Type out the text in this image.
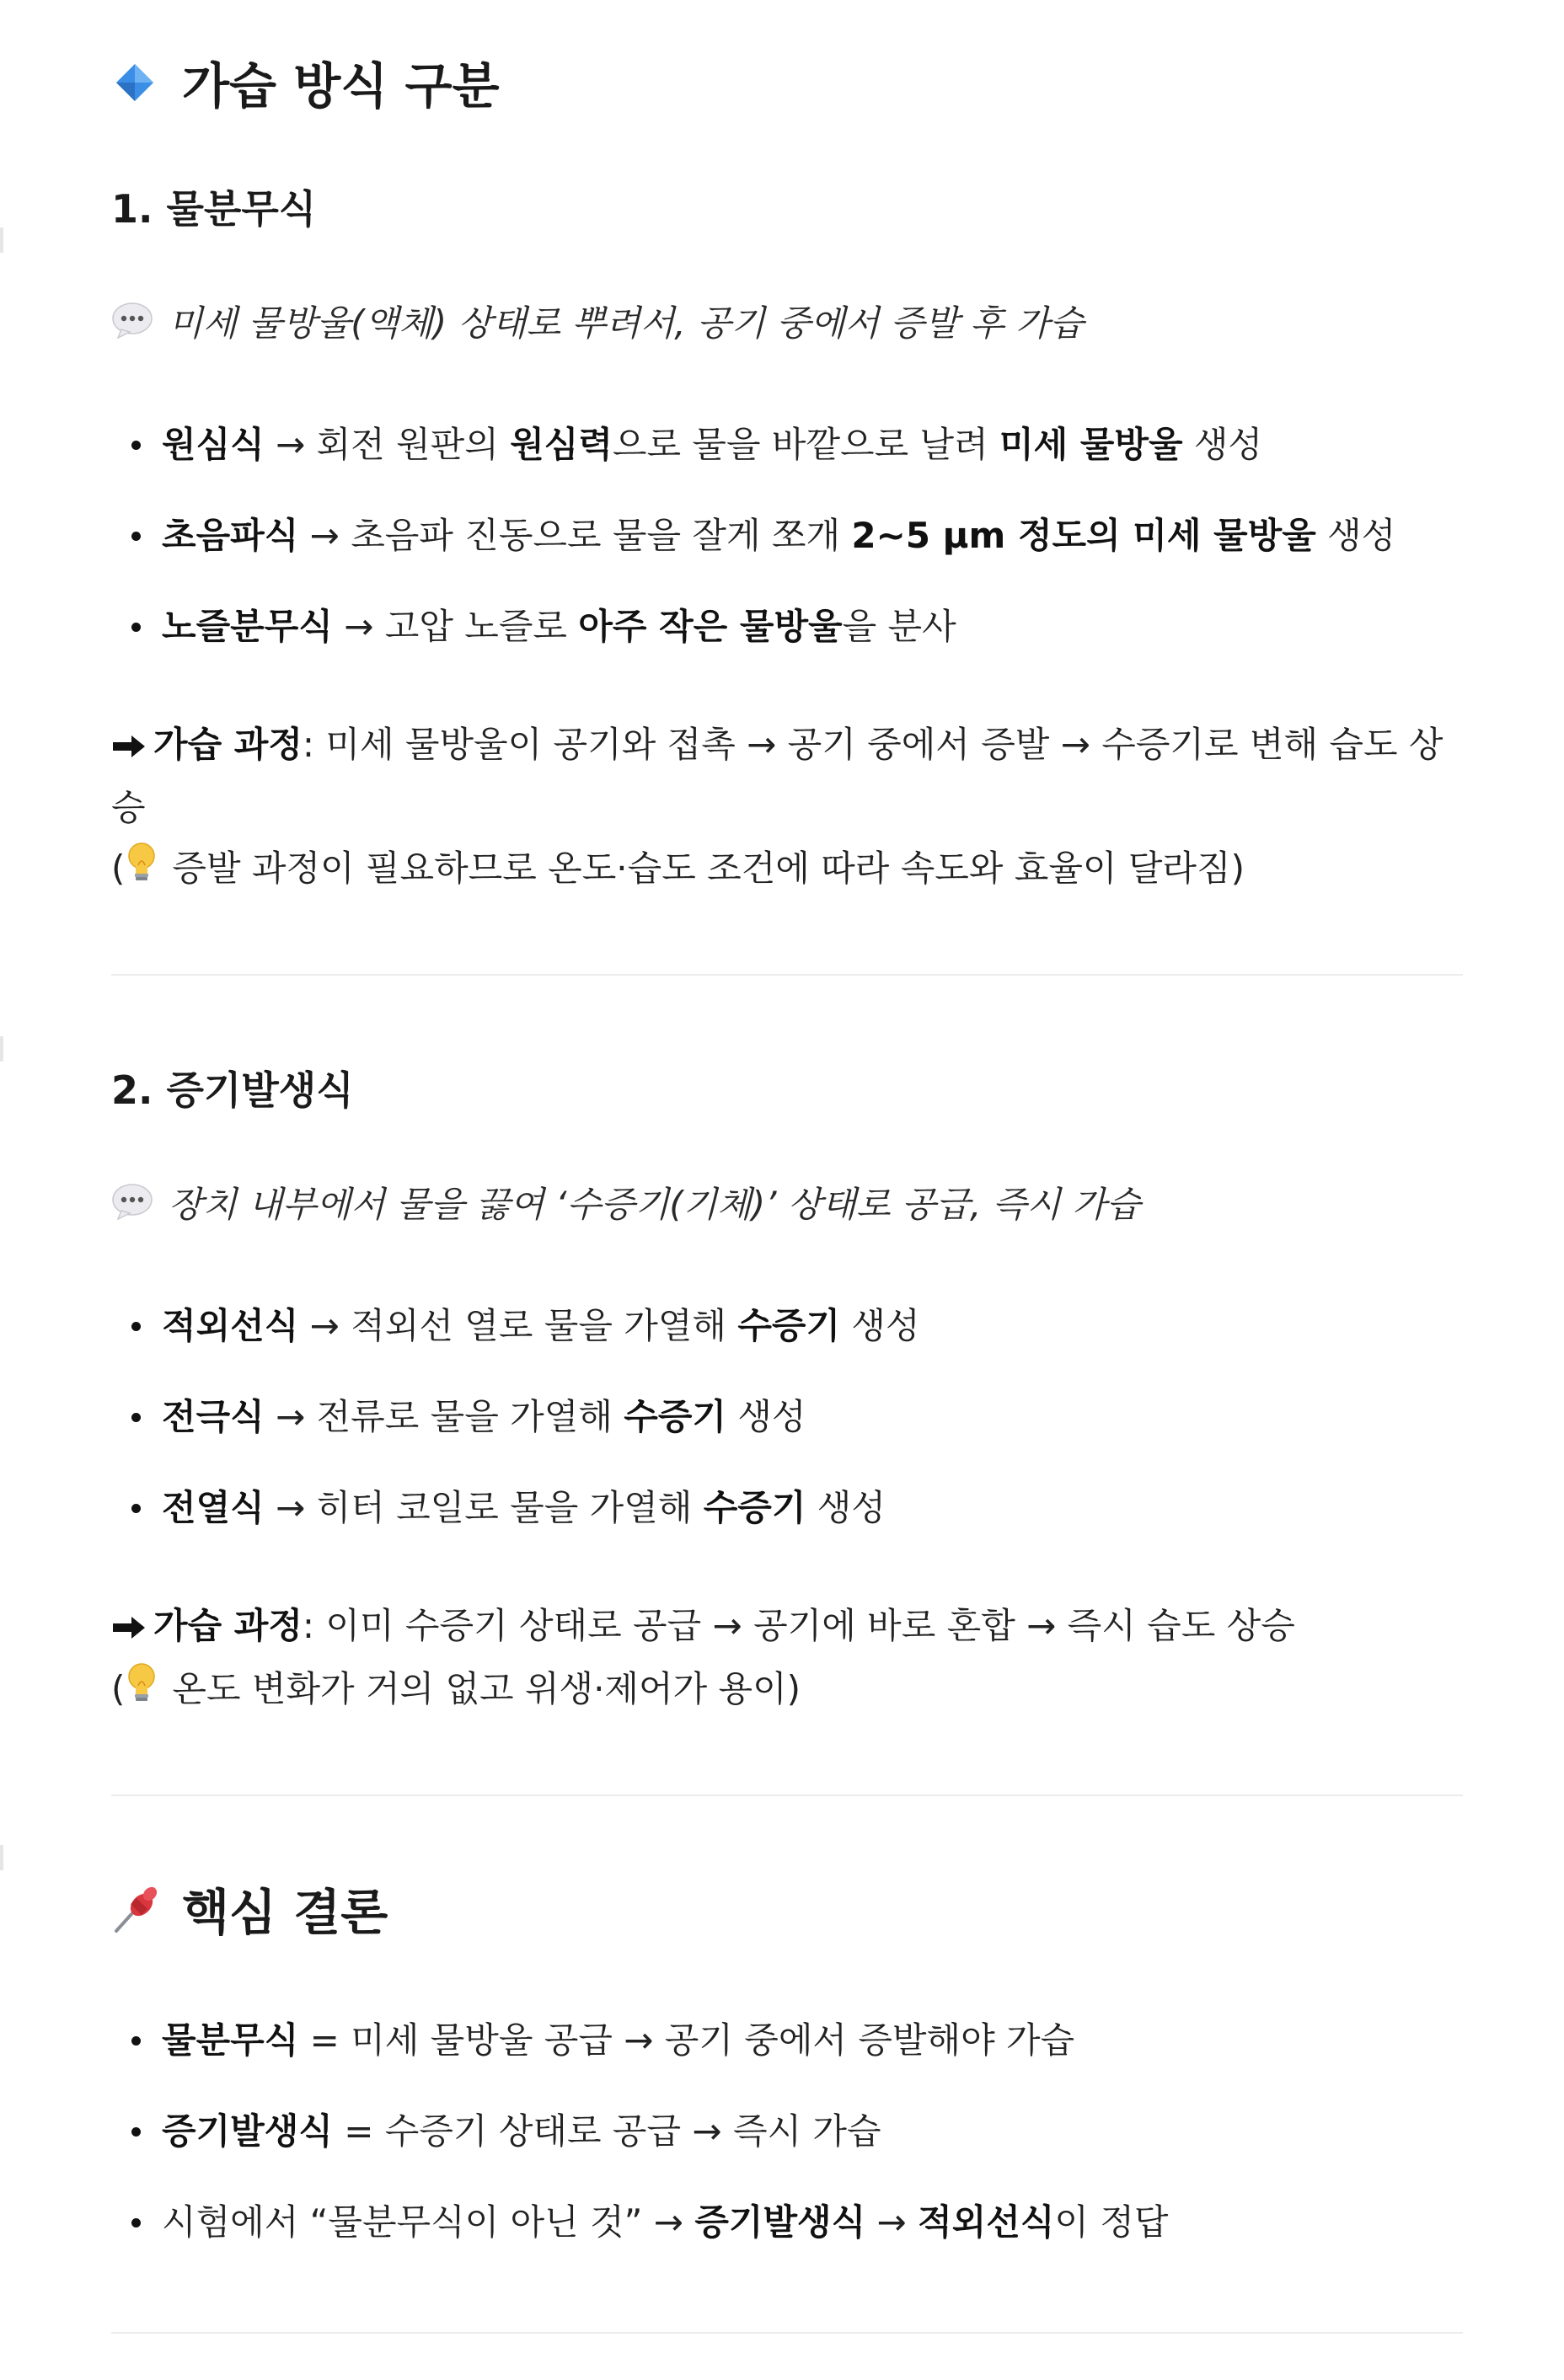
가습 방식 구분
1. 물분무식
미세 물방울(액체) 상태로 뿌려서, 공기 중에서 증발 후 가습
원심식 → 회전 원판의 원심력으로 물을 바깥으로 날려 미세 물방울 생성
초음파식 → 초음파 진동으로 물을 잘게 쪼개 2~5 μm 정도의 미세 물방울 생성
노즐분무식 → 고압 노즐로 아주 작은 물방울을 분사
가습 과정: 미세 물방울이 공기와 접촉 → 공기 중에서 증발 → 수증기로 변해 습도 상승
( 증발 과정이 필요하므로 온도·습도 조건에 따라 속도와 효율이 달라짐)
2. 증기발생식
장치 내부에서 물을 끓여 ‘수증기(기체)’ 상태로 공급, 즉시 가습
적외선식 → 적외선 열로 물을 가열해 수증기 생성
전극식 → 전류로 물을 가열해 수증기 생성
전열식 → 히터 코일로 물을 가열해 수증기 생성
가습 과정: 이미 수증기 상태로 공급 → 공기에 바로 혼합 → 즉시 습도 상승
( 온도 변화가 거의 없고 위생·제어가 용이)
핵심 결론
물분무식 = 미세 물방울 공급 → 공기 중에서 증발해야 가습
증기발생식 = 수증기 상태로 공급 → 즉시 가습
시험에서 “물분무식이 아닌 것” → 증기발생식 → 적외선식이 정답
